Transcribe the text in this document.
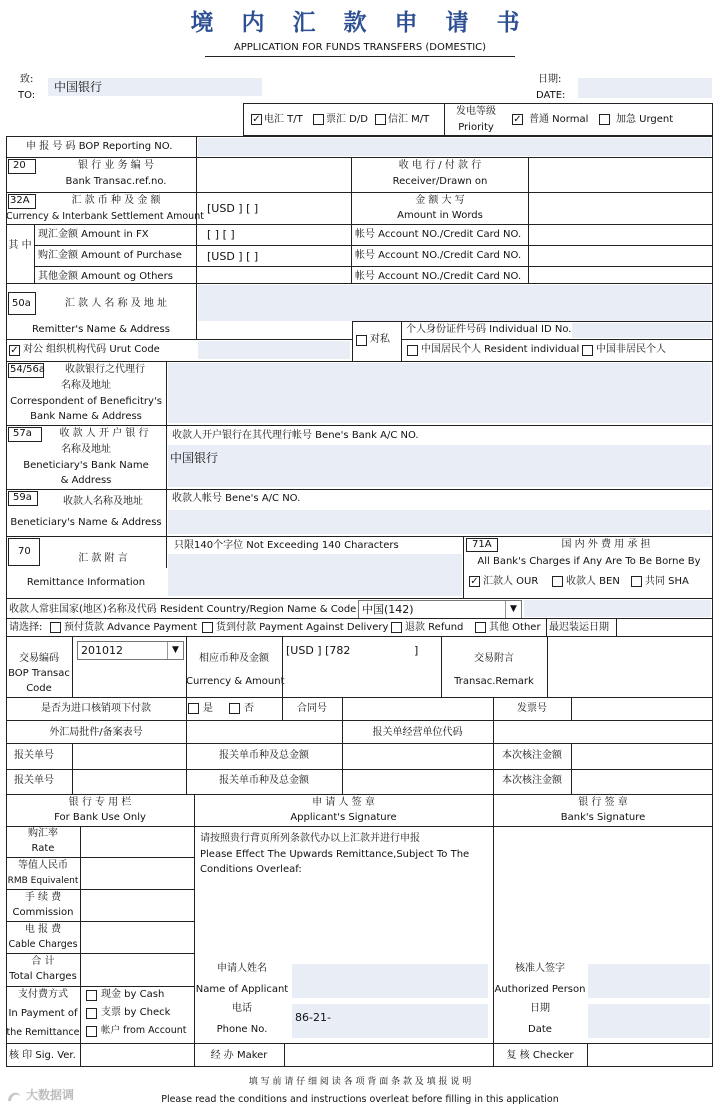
境 内 汇 款 申 请 书
APPLICATION FOR FUNDS TRANSFERS (DOMESTIC)
致:
TO:
中国银行
日期:
DATE:
✓ 电汇 T/T 票汇 D/D 信汇 M/T
发电等级
Priority
✓ 普通 Normal	加急 Urgent
申 报 号 码 BOP Reporting NO.
20	银 行 业 务 编 号
Bank Transac.ref.no.
收 电 行 / 付 款 行
Receiver/Drawn on
32A	汇 款 币 种 及 金 额
Currency & Interbank Settlement Amount
[USD ] [ ]
金 额 大 写
Amount in Words
其 中
现汇金额 Amount in FX	[ ] [ ]	帐号 Account NO./Credit Card NO.
购汇金额 Amount of Purchase [USD ] [ ]	帐号 Account NO./Credit Card NO.
其他金额 Amount og Others	帐号 Account NO./Credit Card NO.
50a	汇 款 人 名 称 及 地 址
Remitter's Name & Address
✓ 对公 组织机构代码 Urut Code
对私
个人身份证件号码 Individual ID No.
中国居民个人 Resident individual 中国非居民个人
54/56a	收款银行之代理行
名称及地址
Correspondent of Beneficitry's
Bank Name & Address
57a	收 款 人 开 户 银 行
名称及地址
Beneticiary's Bank Name
& Address
收款人开户银行在其代理行帐号 Bene's Bank A/C NO.
中国银行
59a	收款人名称及地址
Beneticiary's Name & Address
收款人帐号 Bene's A/C NO.
70
汇 款 附 言
Remittance Information
只限140个字位 Not Exceeding 140 Characters	71A	国 内 外 费 用 承 担
All Bank's Charges if Any Are To Be Borne By
✓ 汇款人 OUR	收款人 BEN	共同 SHA
收款人常驻国家(地区)名称及代码 Resident Country/Region Name & Code 中国(142)	▼
请选择: 预付货款 Advance Payment 货到付款 Payment Against Delivery 退款 Refund	其他 Other 最迟装运日期
交易编码
BOP Transac
Code
201012	▼
相应币种及金额
Currency & Amount
[USD ] [782	]
交易附言
Transac.Remark
是否为进口核销项下付款	是	否	合同号	发票号
外汇局批件/备案表号	报关单经营单位代码
报关单号	报关单币种及总金额	本次核注金额
报关单号	报关单币种及总金额	本次核注金额
银 行 专 用 栏
For Bank Use Only
申 请 人 签 章
Applicant's Signature
银 行 签 章
Bank's Signature
购汇率
Rate
等值人民币
RMB Equivalent
手 续 费
Commission
电 报 费
Cable Charges
合 计
Total Charges
支付费方式
In Payment of
the Remittance
现金 by Cash
支票 by Check
帐户 from Account
请按照贵行背页所列条款代办以上汇款并进行申报
Please Effect The Upwards Remittance,Subject To The
Conditions Overleaf:
申请人姓名
Name of Applicant
电话
Phone No.
86-21-
核准人签字
Authorized Person
日期
Date
核 印 Sig. Ver.	经 办 Maker	复 核 Checker
填 写 前 请 仔 细 阅 读 各 项 背 面 条 款 及 填 报 说 明
Please read the conditions and instructions overleat before filling in this application
大数据调
